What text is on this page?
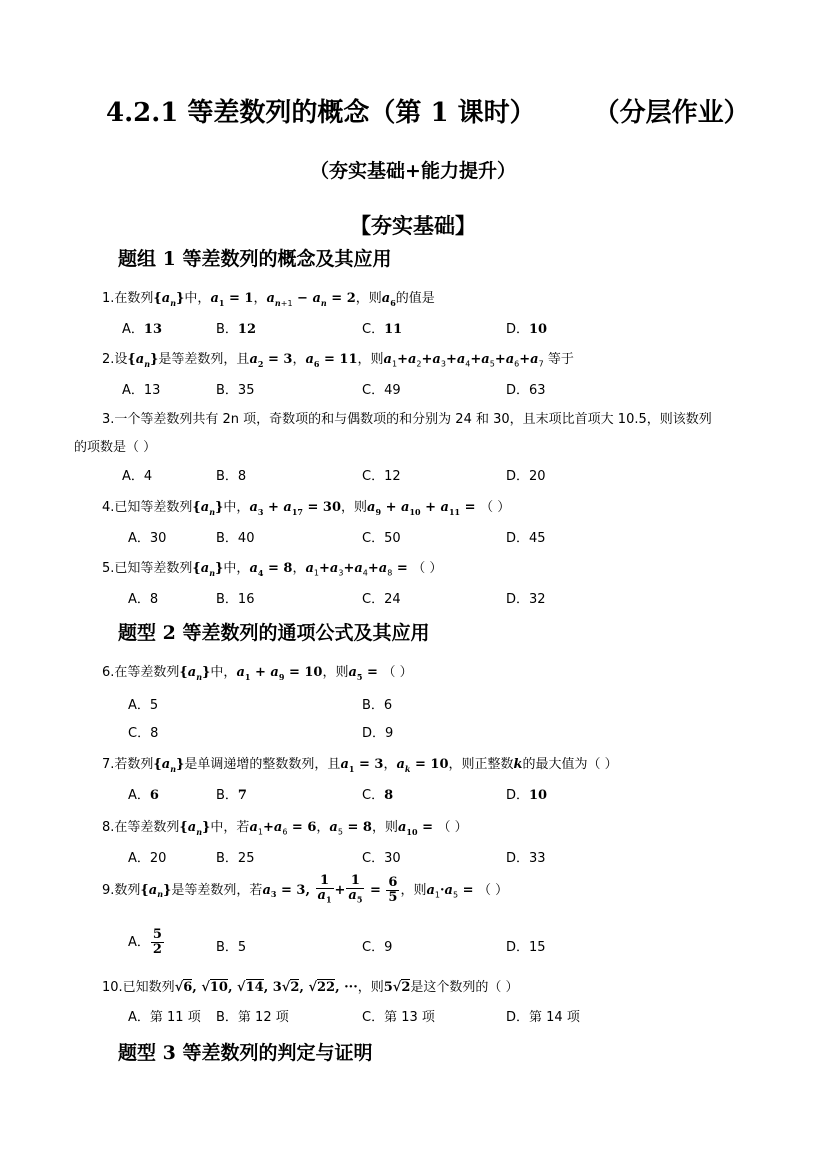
4.2.1 等差数列的概念（第 1 课时） （分层作业）
（夯实基础+能力提升）
【夯实基础】
题组 1 等差数列的概念及其应用
1.在数列$\{a_n\}$中，$a_1 = 1$，$a_{n+1} - a_n = 2$，则$a_6$的值是
A．13	B．12	C．11	D．10
2.设$\{a_n\}$是等差数列，且$a_2 = 3$，$a_6 = 11$，则$a_1+a_2+a_3+a_4+a_5+a_6+a_7$ 等于
A．13	B．35	C．49	D．63
3.一个等差数列共有 2n 项，奇数项的和与偶数项的和分别为 24 和 30，且末项比首项大 10.5，则该数列
的项数是（ ）
A．4	B．8	C．12	D．20
4.已知等差数列$\{a_n\}$中，$a_3 + a_{17} = 30$，则$a_9 + a_{10} + a_{11}$ = （ ）
A．30	B．40	C．50	D．45
5.已知等差数列$\{a_n\}$中，$a_4 = 8$，$a_1+a_3+a_4+a_8$ = （ ）
A．8	B．16	C．24	D．32
题型 2 等差数列的通项公式及其应用
6.在等差数列$\{a_n\}$中，$a_1 + a_9 = 10$，则$a_5$ = （ ）
A．5	B．6
C．8	D．9
7.若数列$\{a_n\}$是单调递增的整数数列，且$a_1 = 3$，$a_k = 10$，则正整数k的最大值为（ ）
A．6	B．7	C．8	D．10
8.在等差数列$\{a_n\}$中，若$a_1+a_6 = 6$，$a_5 = 8$，则$a_{10}$ = （ ）
A．20	B．25	C．30	D．33
9.数列$\{a_n\}$是等差数列，若$a_3 = 3$, $\frac{1}{a_1} + \frac{1}{a_5} = \frac{6}{5}$ ，则$a_1\cdot a_5$ = （ ）
A． $\frac{5}{2}$	B．5	C．9	D．15
10.已知数列√6, √10, √14, 3√2, √22, ···，则5√2是这个数列的（ ）
A．第 11 项 B．第 12 项	C．第 13 项	D．第 14 项
题型 3 等差数列的判定与证明
